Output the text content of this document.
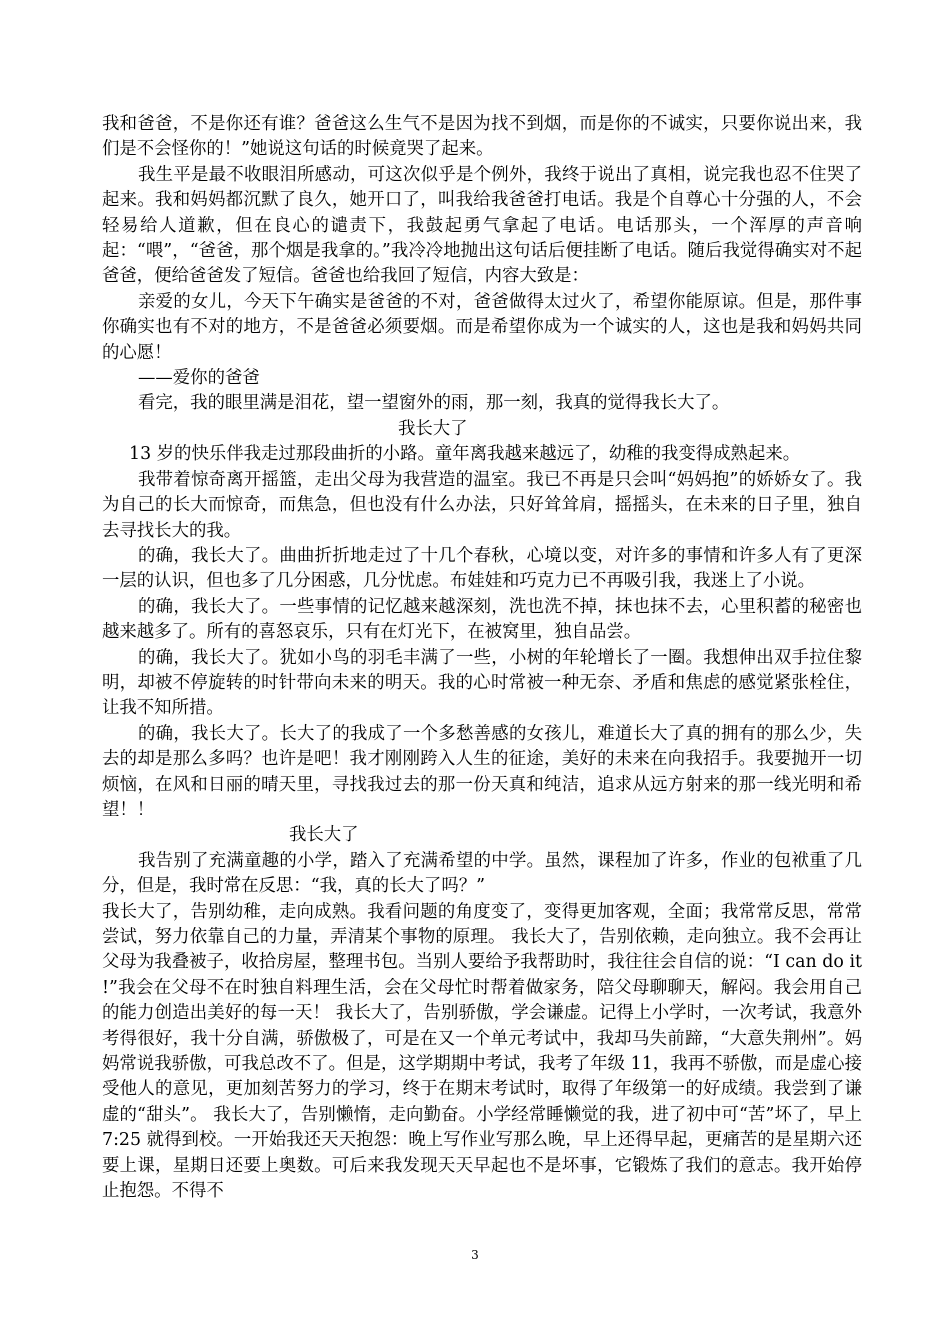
我和爸爸，不是你还有谁？爸爸这么生气不是因为找不到烟，而是你的不诚实，只要你说出来，我们是不会怪你的！”她说这句话的时候竟哭了起来。

我生平是最不收眼泪所感动，可这次似乎是个例外，我终于说出了真相，说完我也忍不住哭了起来。我和妈妈都沉默了良久，她开口了，叫我给我爸爸打电话。我是个自尊心十分强的人，不会轻易给人道歉，但在良心的谴责下，我鼓起勇气拿起了电话。电话那头，一个浑厚的声音响起：“喂”，“爸爸，那个烟是我拿的。”我冷冷地抛出这句话后便挂断了电话。随后我觉得确实对不起爸爸，便给爸爸发了短信。爸爸也给我回了短信，内容大致是：

亲爱的女儿，今天下午确实是爸爸的不对，爸爸做得太过火了，希望你能原谅。但是，那件事你确实也有不对的地方，不是爸爸必须要烟。而是希望你成为一个诚实的人，这也是我和妈妈共同的心愿！

——爱你的爸爸

看完，我的眼里满是泪花，望一望窗外的雨，那一刻，我真的觉得我长大了。

我长大了

13 岁的快乐伴我走过那段曲折的小路。童年离我越来越远了，幼稚的我变得成熟起来。

我带着惊奇离开摇篮，走出父母为我营造的温室。我已不再是只会叫“妈妈抱”的娇娇女了。我为自己的长大而惊奇，而焦急，但也没有什么办法，只好耸耸肩，摇摇头，在未来的日子里，独自去寻找长大的我。

的确，我长大了。曲曲折折地走过了十几个春秋，心境以变，对许多的事情和许多人有了更深一层的认识，但也多了几分困惑，几分忧虑。布娃娃和巧克力已不再吸引我，我迷上了小说。

的确，我长大了。一些事情的记忆越来越深刻，洗也洗不掉，抹也抹不去，心里积蓄的秘密也越来越多了。所有的喜怒哀乐，只有在灯光下，在被窝里，独自品尝。

的确，我长大了。犹如小鸟的羽毛丰满了一些，小树的年轮增长了一圈。我想伸出双手拉住黎明，却被不停旋转的时针带向未来的明天。我的心时常被一种无奈、矛盾和焦虑的感觉紧张栓住，让我不知所措。

的确，我长大了。长大了的我成了一个多愁善感的女孩儿，难道长大了真的拥有的那么少，失去的却是那么多吗？也许是吧！我才刚刚跨入人生的征途，美好的未来在向我招手。我要抛开一切烦恼，在风和日丽的晴天里，寻找我过去的那一份天真和纯洁，追求从远方射来的那一线光明和希望！！

我长大了

我告别了充满童趣的小学，踏入了充满希望的中学。虽然，课程加了许多，作业的包袱重了几分，但是，我时常在反思：“我，真的长大了吗？”

我长大了，告别幼稚，走向成熟。我看问题的角度变了，变得更加客观，全面；我常常反思，常常尝试，努力依靠自己的力量，弄清某个事物的原理。 我长大了，告别依赖，走向独立。我不会再让父母为我叠被子，收拾房屋，整理书包。当别人要给予我帮助时，我往往会自信的说：“I can do it !”我会在父母不在时独自料理生活，会在父母忙时帮着做家务，陪父母聊聊天，解闷。我会用自己的能力创造出美好的每一天！ 我长大了，告别骄傲，学会谦虚。记得上小学时，一次考试，我意外考得很好，我十分自满，骄傲极了，可是在又一个单元考试中，我却马失前蹄，“大意失荆州”。妈妈常说我骄傲，可我总改不了。但是，这学期期中考试，我考了年级 11，我再不骄傲，而是虚心接受他人的意见，更加刻苦努力的学习，终于在期末考试时，取得了年级第一的好成绩。我尝到了谦虚的“甜头”。 我长大了，告别懒惰，走向勤奋。小学经常睡懒觉的我，进了初中可“苦”坏了，早上 7:25 就得到校。一开始我还天天抱怨：晚上写作业写那么晚，早上还得早起，更痛苦的是星期六还要上课，星期日还要上奥数。可后来我发现天天早起也不是坏事，它锻炼了我们的意志。我开始停止抱怨。不得不

3
